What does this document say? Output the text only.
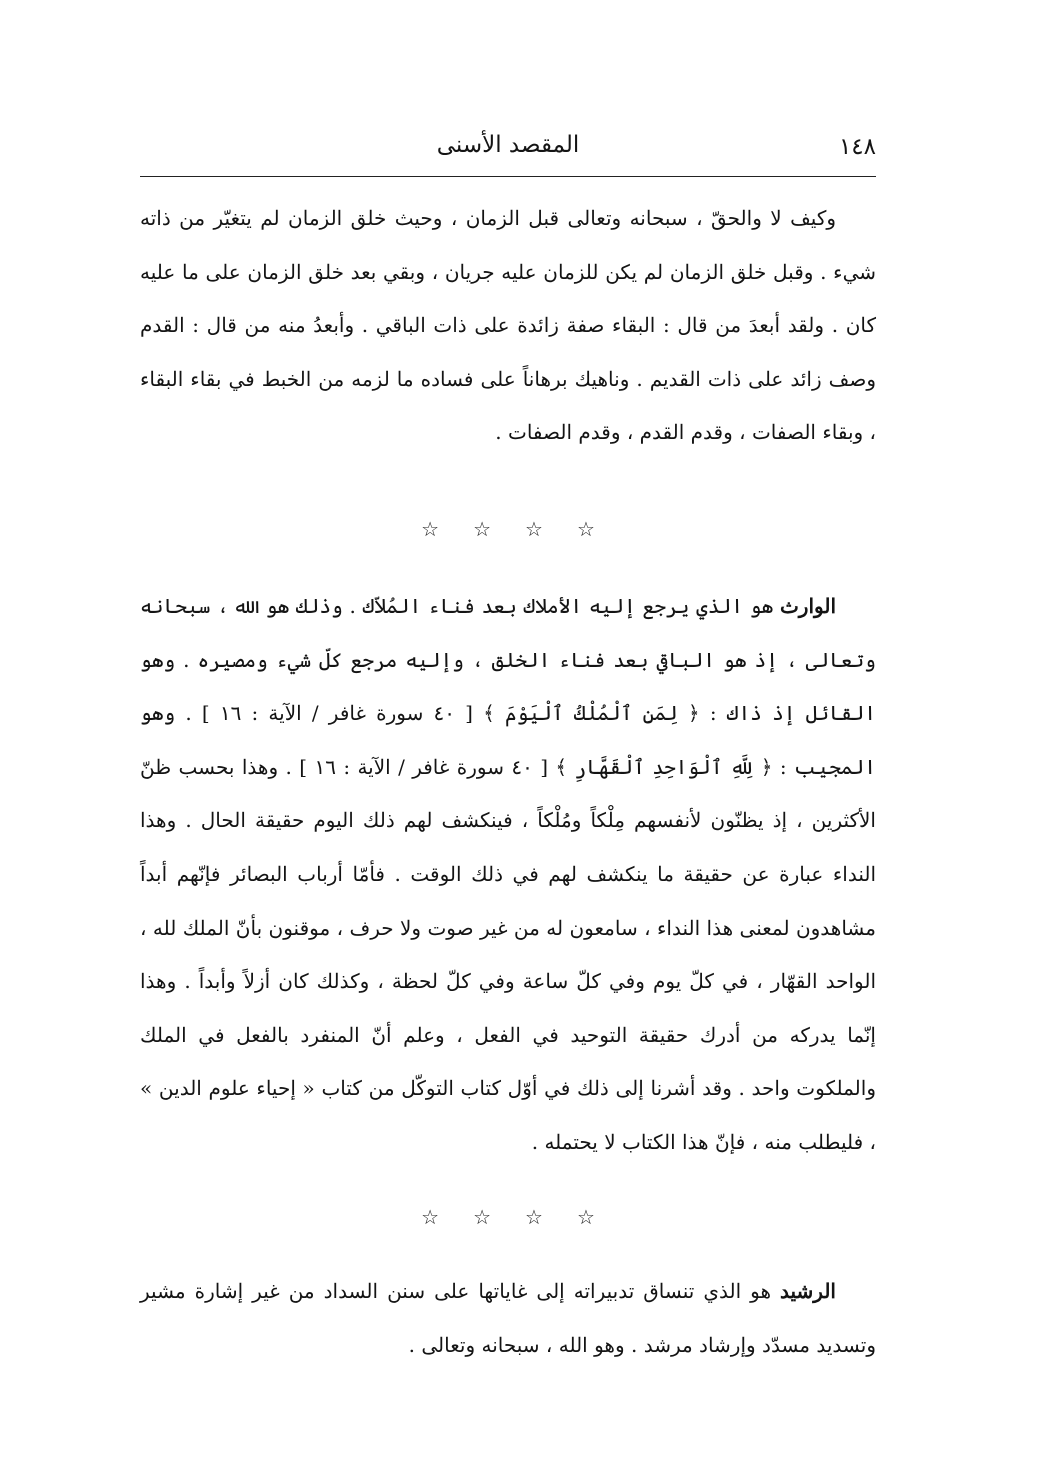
١٤٨
المقصد الأسنى

وكيف لا والحقّ ، سبحانه وتعالى قبل الزمان ، وحيث خلق الزمان لم يتغيّر من ذاته شيء . وقبل خلق الزمان لم يكن للزمان عليه جريان ، وبقي بعد خلق الزمان على ما عليه كان . ولقد أبعدَ من قال : البقاء صفة زائدة على ذات الباقي . وأبعدُ منه من قال : القدم وصف زائد على ذات القديم . وناهيك برهاناً على فساده ما لزمه من الخبط في بقاء البقاء ، وبقاء الصفات ، وقدم القدم ، وقدم الصفات .

☆
☆
☆
☆

الوارث هو الذي يرجع إليه الأملاك بعد فناء المُلاّك . وذلك هو الله ، سبحانه وتعالى ، إذ هو الباقي بعد فناء الخلق ، وإليه مرجع كلّ شيء ومصيره . وهو القائل إذ ذاك : ﴿ لِمَنِ ٱلْمُلْكُ ٱلْيَوْمَ ﴾ [ ٤٠ سورة غافر / الآية : ١٦ ] . وهو المجيب : ﴿ لِلَّهِ ٱلْوَاحِدِ ٱلْقَهَّارِ ﴾ [ ٤٠ سورة غافر / الآية : ١٦ ] . وهذا بحسب ظنّ الأكثرين ، إذ يظنّون لأنفسهم مِلْكاً ومُلْكاً ، فينكشف لهم ذلك اليوم حقيقة الحال . وهذا النداء عبارة عن حقيقة ما ينكشف لهم في ذلك الوقت . فأمّا أرباب البصائر فإنّهم أبداً مشاهدون لمعنى هذا النداء ، سامعون له من غير صوت ولا حرف ، موقنون بأنّ الملك لله ، الواحد القهّار ، في كلّ يوم وفي كلّ ساعة وفي كلّ لحظة ، وكذلك كان أزلاً وأبداً . وهذا إنّما يدركه من أدرك حقيقة التوحيد في الفعل ، وعلم أنّ المنفرد بالفعل في الملك والملكوت واحد . وقد أشرنا إلى ذلك في أوّل كتاب التوكّل من كتاب « إحياء علوم الدين » ، فليطلب منه ، فإنّ هذا الكتاب لا يحتمله .

☆
☆
☆
☆

الرشيد هو الذي تنساق تدبيراته إلى غاياتها على سنن السداد من غير إشارة مشير وتسديد مسدّد وإرشاد مرشد . وهو الله ، سبحانه وتعالى .
